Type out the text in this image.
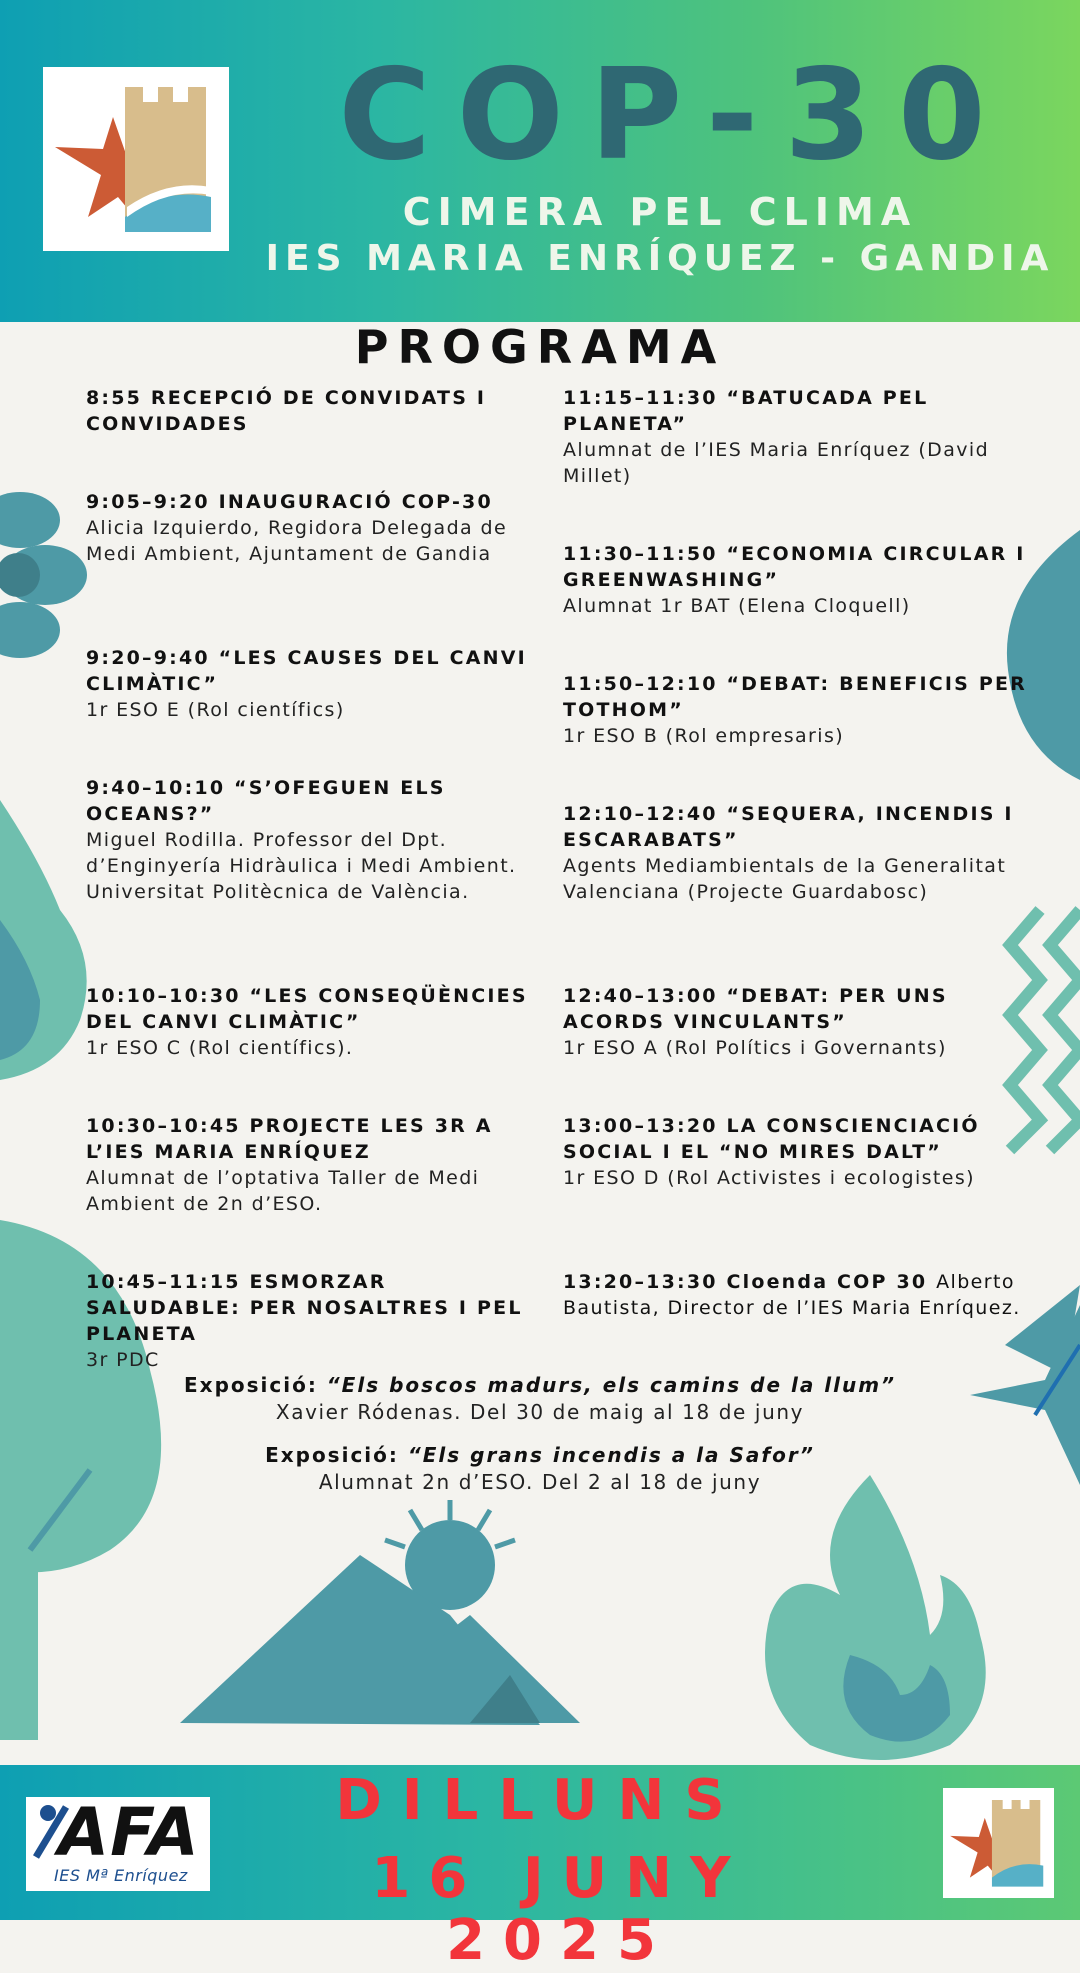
COP-30
CIMERA PEL CLIMA
IES MARIA ENRÍQUEZ - GANDIA
PROGRAMA
8:55 RECEPCIÓ DE CONVIDATS I CONVIDADES
9:05–9:20 INAUGURACIÓ COP-30
Alicia Izquierdo, Regidora Delegada de Medi Ambient, Ajuntament de Gandia
9:20–9:40 “LES CAUSES DEL CANVI CLIMÀTIC”
1r ESO E (Rol científics)
9:40–10:10 “S’OFEGUEN ELS OCEANS?”
Miguel Rodilla. Professor del Dpt. d’Enginyería Hidràulica i Medi Ambient. Universitat Politècnica de València.
10:10–10:30 “LES CONSEQÜÈNCIES DEL CANVI CLIMÀTIC”
1r ESO C (Rol científics).
10:30–10:45 PROJECTE LES 3R A L’IES MARIA ENRÍQUEZ
Alumnat de l’optativa Taller de Medi Ambient de 2n d’ESO.
10:45–11:15 ESMORZAR SALUDABLE: PER NOSALTRES I PEL PLANETA
3r PDC
11:15–11:30 “BATUCADA PEL PLANETA”
Alumnat de l’IES Maria Enríquez (David Millet)
11:30–11:50 “ECONOMIA CIRCULAR I GREENWASHING”
Alumnat 1r BAT (Elena Cloquell)
11:50–12:10 “DEBAT: BENEFICIS PER TOTHOM”
1r ESO B (Rol empresaris)
12:10–12:40 “SEQUERA, INCENDIS I ESCARABATS”
Agents Mediambientals de la Generalitat Valenciana (Projecte Guardabosc)
12:40–13:00 “DEBAT: PER UNS ACORDS VINCULANTS”
1r ESO A (Rol Polítics i Governants)
13:00–13:20 LA CONSCIENCIACIÓ SOCIAL I EL “NO MIRES DALT”
1r ESO D (Rol Activistes i ecologistes)
13:20–13:30 Cloenda COP 30 Alberto Bautista, Director de l’IES Maria Enríquez.
Exposició: “Els boscos madurs, els camins de la llum”
Xavier Ródenas. Del 30 de maig al 18 de juny
Exposició: “Els grans incendis a la Safor”
Alumnat 2n d’ESO. Del 2 al 18 de juny
AFA
IES Mª Enríquez
DILLUNS
16 JUNY 2025
